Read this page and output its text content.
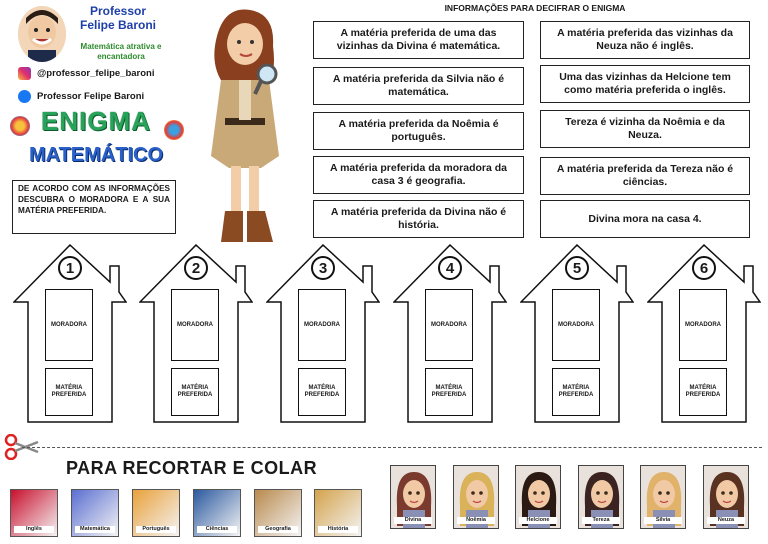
Professor
Felipe Baroni
Matemática atrativa e encantadora
@professor_felipe_baroni
Professor Felipe Baroni
ENIGMA
MATEMÁTICO
DE ACORDO COM AS INFORMAÇÕES DESCUBRA O MORADORA E A SUA MATÉRIA PREFERIDA.
INFORMAÇÕES PARA DECIFRAR O ENIGMA
A matéria preferida de uma das vizinhas da Divina é matemática.
A matéria preferida da Silvia não é matemática.
A matéria preferida da Noêmia é português.
A matéria preferida da moradora da casa 3 é geografia.
A matéria preferida da Divina não é história.
A matéria preferida das vizinhas da Neuza não é inglês.
Uma das vizinhas da Helcione tem como matéria preferida o inglês.
Tereza é vizinha da Noêmia e da Neuza.
A matéria preferida da Tereza não é ciências.
Divina mora na casa 4.
1
MORADORA
MATÉRIA PREFERIDA
2
MORADORA
MATÉRIA PREFERIDA
3
MORADORA
MATÉRIA PREFERIDA
4
MORADORA
MATÉRIA PREFERIDA
5
MORADORA
MATÉRIA PREFERIDA
6
MORADORA
MATÉRIA PREFERIDA
PARA RECORTAR E COLAR
Inglês	Matemática	Português	Ciências	Geografia	História
Divina	Noêmia	Helcione	Tereza	Silvia	Neuza
